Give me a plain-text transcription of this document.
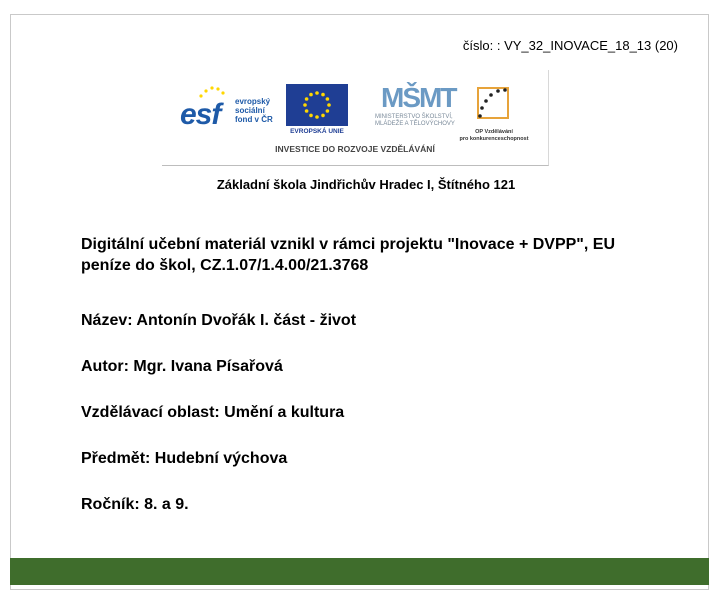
číslo: : VY_32_INOVACE_18_13 (20)
esf evropský
sociální
fond v ČR
EVROPSKÁ UNIE
MŠMT
MINISTERSTVO ŠKOLSTVÍ,
MLÁDEŽE A TĚLOVÝCHOVY
OP Vzdělávání
pro konkurenceschopnost
INVESTICE DO ROZVOJE VZDĚLÁVÁNÍ
Základní škola Jindřichův Hradec I, Štítného 121
Digitální učební materiál vznikl v rámci projektu "Inovace + DVPP", EU peníze do škol, CZ.1.07/1.4.00/21.3768
Název: Antonín Dvořák I. část - život
Autor: Mgr. Ivana Písařová
Vzdělávací oblast: Umění a kultura
Předmět: Hudební výchova
Ročník: 8. a 9.
